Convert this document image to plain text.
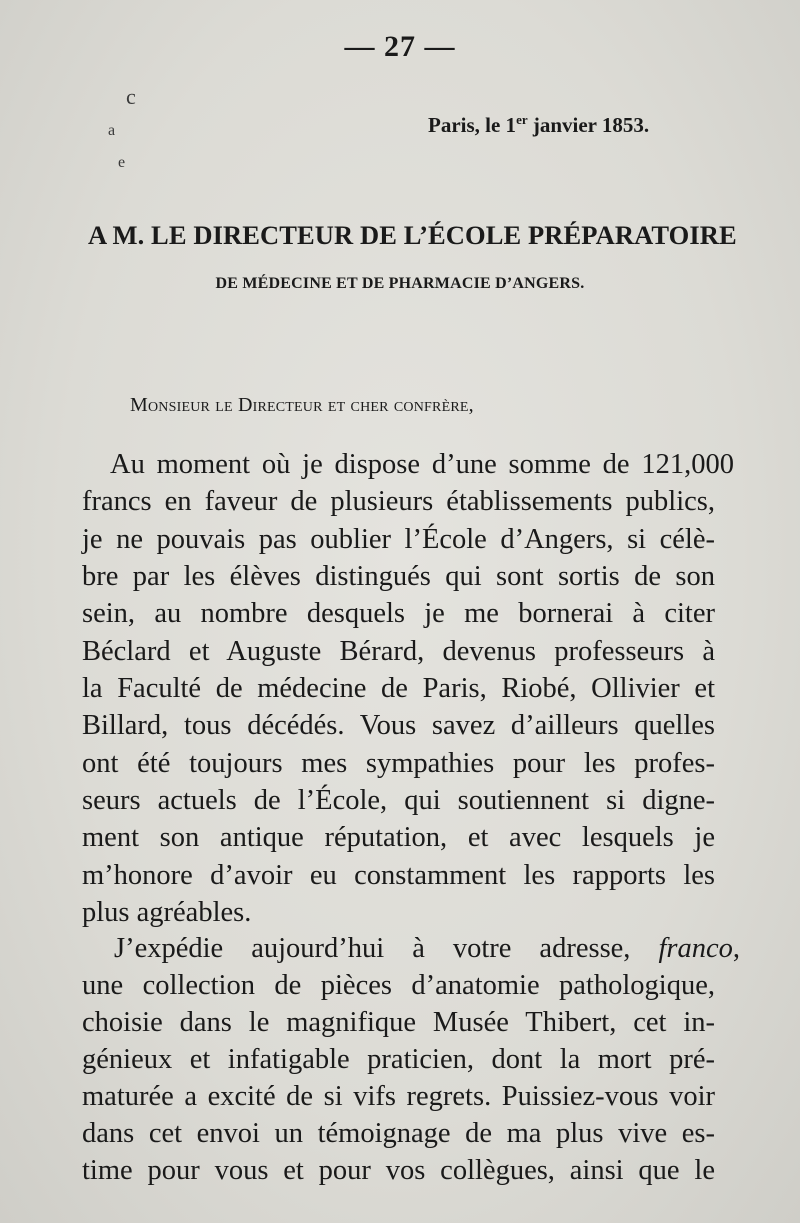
— 27 —
c
a
e
Paris, le 1er janvier 1853.
A M. LE DIRECTEUR DE L’ÉCOLE PRÉPARATOIRE
DE MÉDECINE ET DE PHARMACIE D’ANGERS.
Monsieur le Directeur et cher confrère,
Au moment où je dispose d’une somme de 121,000
francs en faveur de plusieurs établissements publics,
je ne pouvais pas oublier l’École d’Angers, si célè-
bre par les élèves distingués qui sont sortis de son
sein, au nombre desquels je me bornerai à citer
Béclard et Auguste Bérard, devenus professeurs à
la Faculté de médecine de Paris, Riobé, Ollivier et
Billard, tous décédés. Vous savez d’ailleurs quelles
ont été toujours mes sympathies pour les profes-
seurs actuels de l’École, qui soutiennent si digne-
ment son antique réputation, et avec lesquels je
m’honore d’avoir eu constamment les rapports les
plus agréables.
J’expédie aujourd’hui à votre adresse, franco,
une collection de pièces d’anatomie pathologique,
choisie dans le magnifique Musée Thibert, cet in-
génieux et infatigable praticien, dont la mort pré-
maturée a excité de si vifs regrets. Puissiez-vous voir
dans cet envoi un témoignage de ma plus vive es-
time pour vous et pour vos collègues, ainsi que le
